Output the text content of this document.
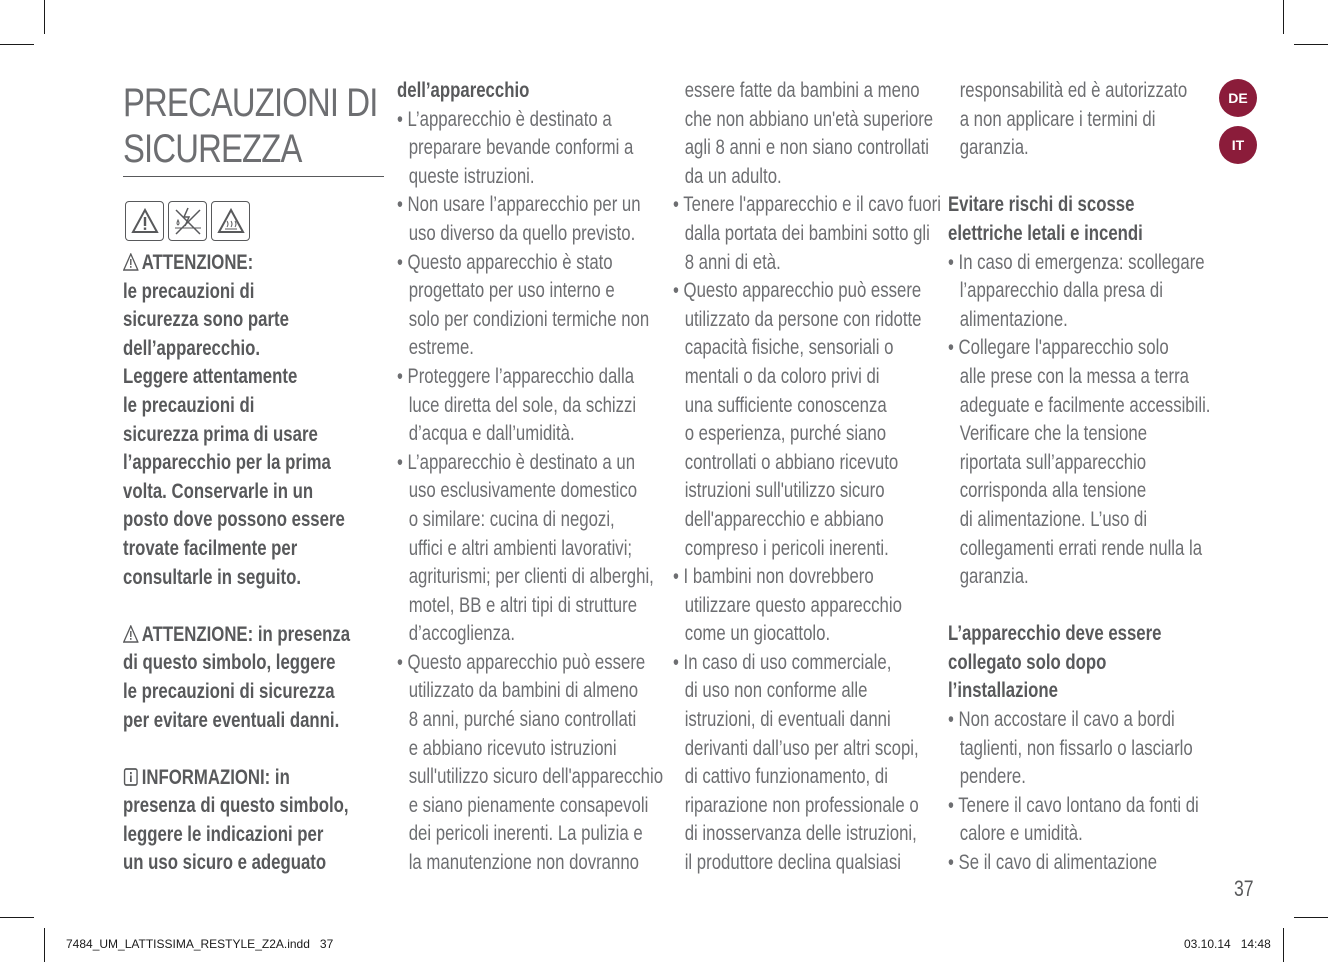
PRECAUZIONI DI
SICUREZZA
ATTENZIONE:
le precauzioni di
sicurezza sono parte
dell’apparecchio.
Leggere attentamente
le precauzioni di
sicurezza prima di usare
l’apparecchio per la prima
volta. Conservarle in un
posto dove possono essere
trovate facilmente per
consultarle in seguito.
ATTENZIONE: in presenza
di questo simbolo, leggere
le precauzioni di sicurezza
per evitare eventuali danni.
INFORMAZIONI: in
presenza di questo simbolo,
leggere le indicazioni per
un uso sicuro e adeguato
dell’apparecchio
• L’apparecchio è destinato a
preparare bevande conformi a
queste istruzioni.
• Non usare l’apparecchio per un
uso diverso da quello previsto.
• Questo apparecchio è stato
progettato per uso interno e
solo per condizioni termiche non
estreme.
• Proteggere l’apparecchio dalla
luce diretta del sole, da schizzi
d’acqua e dall’umidità.
• L’apparecchio è destinato a un
uso esclusivamente domestico
o similare: cucina di negozi,
uffici e altri ambienti lavorativi;
agriturismi; per clienti di alberghi,
motel, BB e altri tipi di strutture
d’accoglienza.
• Questo apparecchio può essere
utilizzato da bambini di almeno
8 anni, purché siano controllati
e abbiano ricevuto istruzioni
sull'utilizzo sicuro dell'apparecchio
e siano pienamente consapevoli
dei pericoli inerenti. La pulizia e
la manutenzione non dovranno
essere fatte da bambini a meno
che non abbiano un'età superiore
agli 8 anni e non siano controllati
da un adulto.
• Tenere l'apparecchio e il cavo fuori
dalla portata dei bambini sotto gli
8 anni di età.
• Questo apparecchio può essere
utilizzato da persone con ridotte
capacità fisiche, sensoriali o
mentali o da coloro privi di
una sufficiente conoscenza
o esperienza, purché siano
controllati o abbiano ricevuto
istruzioni sull'utilizzo sicuro
dell'apparecchio e abbiano
compreso i pericoli inerenti.
• I bambini non dovrebbero
utilizzare questo apparecchio
come un giocattolo.
• In caso di uso commerciale,
di uso non conforme alle
istruzioni, di eventuali danni
derivanti dall’uso per altri scopi,
di cattivo funzionamento, di
riparazione non professionale o
di inosservanza delle istruzioni,
il produttore declina qualsiasi
responsabilità ed è autorizzato
a non applicare i termini di
garanzia.
Evitare rischi di scosse
elettriche letali e incendi
• In caso di emergenza: scollegare
l’apparecchio dalla presa di
alimentazione.
• Collegare l'apparecchio solo
alle prese con la messa a terra
adeguate e facilmente accessibili.
Verificare che la tensione
riportata sull’apparecchio
corrisponda alla tensione
di alimentazione. L’uso di
collegamenti errati rende nulla la
garanzia.
L’apparecchio deve essere
collegato solo dopo
l’installazione
• Non accostare il cavo a bordi
taglienti, non fissarlo o lasciarlo
pendere.
• Tenere il cavo lontano da fonti di
calore e umidità.
• Se il cavo di alimentazione
DE
IT
37
7484_UM_LATTISSIMA_RESTYLE_Z2A.indd   37	03.10.14   14:48
